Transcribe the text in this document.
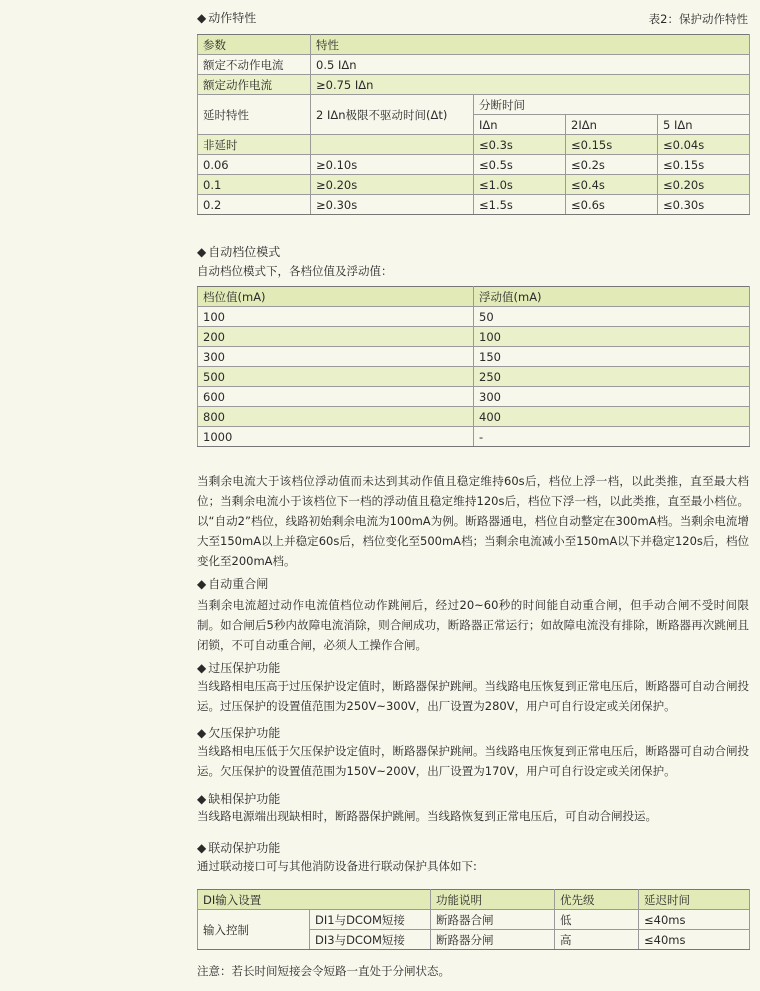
◆ 动作特性	表2：保护动作特性
参数	特性			
额定不动作电流	0.5 IΔn			
额定动作电流	≥0.75 IΔn			
延时特性	2 IΔn极限不驱动时间(Δt)	分断时间		
		IΔn	2IΔn	5 IΔn
非延时		≤0.3s	≤0.15s	≤0.04s
0.06	≥0.10s	≤0.5s	≤0.2s	≤0.15s
0.1	≥0.20s	≤1.0s	≤0.4s	≤0.20s
0.2	≥0.30s	≤1.5s	≤0.6s	≤0.30s
◆ 自动档位模式
自动档位模式下，各档位值及浮动值：
档位值(mA)	浮动值(mA)
100	50
200	100
300	150
500	250
600	300
800	400
1000	-
当剩余电流大于该档位浮动值而未达到其动作值且稳定维持60s后，档位上浮一档，以此类推，直至最大档位；当剩余电流小于该档位下一档的浮动值且稳定维持120s后，档位下浮一档，以此类推，直至最小档位。以“自动2”档位，线路初始剩余电流为100mA为例。断路器通电，档位自动整定在300mA档。当剩余电流增大至150mA以上并稳定60s后，档位变化至500mA档；当剩余电流减小至150mA以下并稳定120s后，档位变化至200mA档。
◆ 自动重合闸
当剩余电流超过动作电流值档位动作跳闸后，经过20~60秒的时间能自动重合闸，但手动合闸不受时间限制。如合闸后5秒内故障电流消除，则合闸成功，断路器正常运行；如故障电流没有排除，断路器再次跳闸且闭锁，不可自动重合闸，必须人工操作合闸。
◆ 过压保护功能
当线路相电压高于过压保护设定值时，断路器保护跳闸。当线路电压恢复到正常电压后，断路器可自动合闸投运。过压保护的设置值范围为250V~300V，出厂设置为280V，用户可自行设定或关闭保护。
◆ 欠压保护功能
当线路相电压低于欠压保护设定值时，断路器保护跳闸。当线路电压恢复到正常电压后，断路器可自动合闸投运。欠压保护的设置值范围为150V~200V，出厂设置为170V，用户可自行设定或关闭保护。
◆ 缺相保护功能
当线路电源端出现缺相时，断路器保护跳闸。当线路恢复到正常电压后，可自动合闸投运。
◆ 联动保护功能
通过联动接口可与其他消防设备进行联动保护具体如下:
DI输入设置		功能说明	优先级	延迟时间
输入控制	DI1与DCOM短接	断路器合闸	低	≤40ms
	DI3与DCOM短接	断路器分闸	高	≤40ms
注意：若长时间短接会令短路一直处于分闸状态。
